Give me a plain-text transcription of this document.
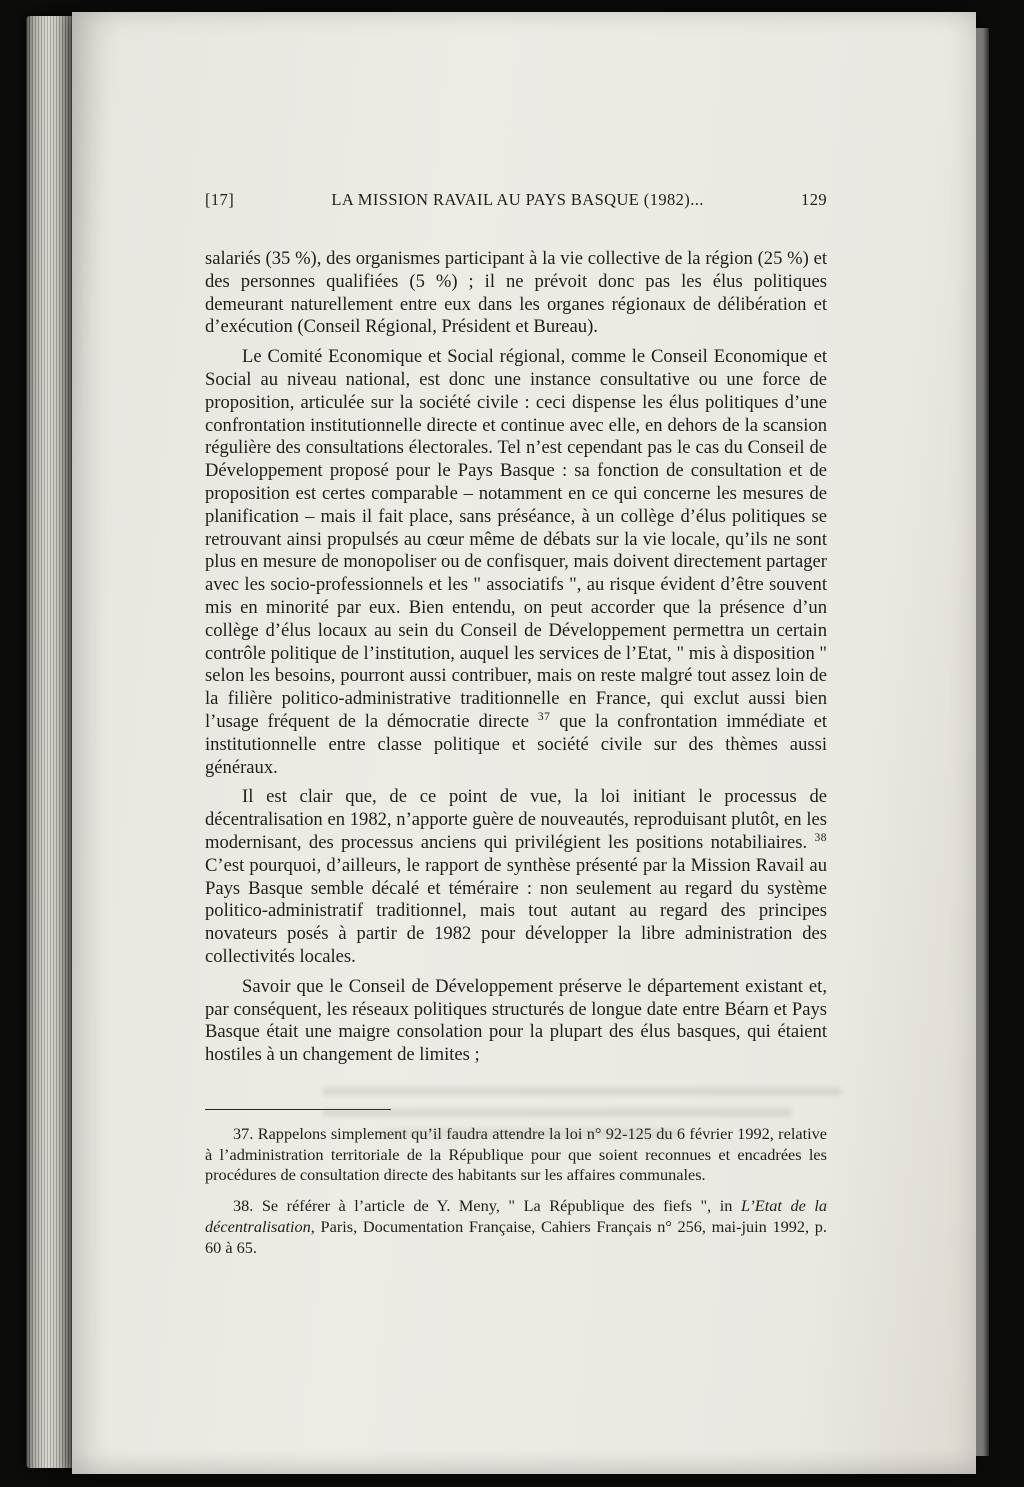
[17]	LA MISSION RAVAIL AU PAYS BASQUE (1982)...	129

salariés (35 %), des organismes participant à la vie collective de la région (25 %) et des personnes qualifiées (5 %) ; il ne prévoit donc pas les élus politiques demeurant naturellement entre eux dans les organes régionaux de délibération et d’exécution (Conseil Régional, Président et Bureau).

Le Comité Economique et Social régional, comme le Conseil Economique et Social au niveau national, est donc une instance consultative ou une force de proposition, articulée sur la société civile : ceci dispense les élus politiques d’une confrontation institutionnelle directe et continue avec elle, en dehors de la scansion régulière des consultations électorales. Tel n’est cependant pas le cas du Conseil de Développement proposé pour le Pays Basque : sa fonction de consultation et de proposition est certes comparable – notamment en ce qui concerne les mesures de planification – mais il fait place, sans préséance, à un collège d’élus politiques se retrouvant ainsi propulsés au cœur même de débats sur la vie locale, qu’ils ne sont plus en mesure de monopoliser ou de confisquer, mais doivent directement partager avec les socio-professionnels et les " associatifs ", au risque évident d’être souvent mis en minorité par eux. Bien entendu, on peut accorder que la présence d’un collège d’élus locaux au sein du Conseil de Développement permettra un certain contrôle politique de l’institution, auquel les services de l’Etat, " mis à disposition " selon les besoins, pourront aussi contribuer, mais on reste malgré tout assez loin de la filière politico-administrative traditionnelle en France, qui exclut aussi bien l’usage fréquent de la démocratie directe $^{37}$ que la confrontation immédiate et institutionnelle entre classe politique et société civile sur des thèmes aussi généraux.

Il est clair que, de ce point de vue, la loi initiant le processus de décentralisation en 1982, n’apporte guère de nouveautés, reproduisant plutôt, en les modernisant, des processus anciens qui privilégient les positions notabiliaires. $^{38}$ C’est pourquoi, d’ailleurs, le rapport de synthèse présenté par la Mission Ravail au Pays Basque semble décalé et téméraire : non seulement au regard du système politico-administratif traditionnel, mais tout autant au regard des principes novateurs posés à partir de 1982 pour développer la libre administration des collectivités locales.

Savoir que le Conseil de Développement préserve le département existant et, par conséquent, les réseaux politiques structurés de longue date entre Béarn et Pays Basque était une maigre consolation pour la plupart des élus basques, qui étaient hostiles à un changement de limites ;

37. Rappelons simplement qu’il faudra attendre la loi n° 92-125 du 6 février 1992, relative à l’administration territoriale de la République pour que soient reconnues et encadrées les procédures de consultation directe des habitants sur les affaires communales.

38. Se référer à l’article de Y. Meny, " La République des fiefs ", in L’Etat de la décentralisation, Paris, Documentation Française, Cahiers Français n° 256, mai-juin 1992, p. 60 à 65.
